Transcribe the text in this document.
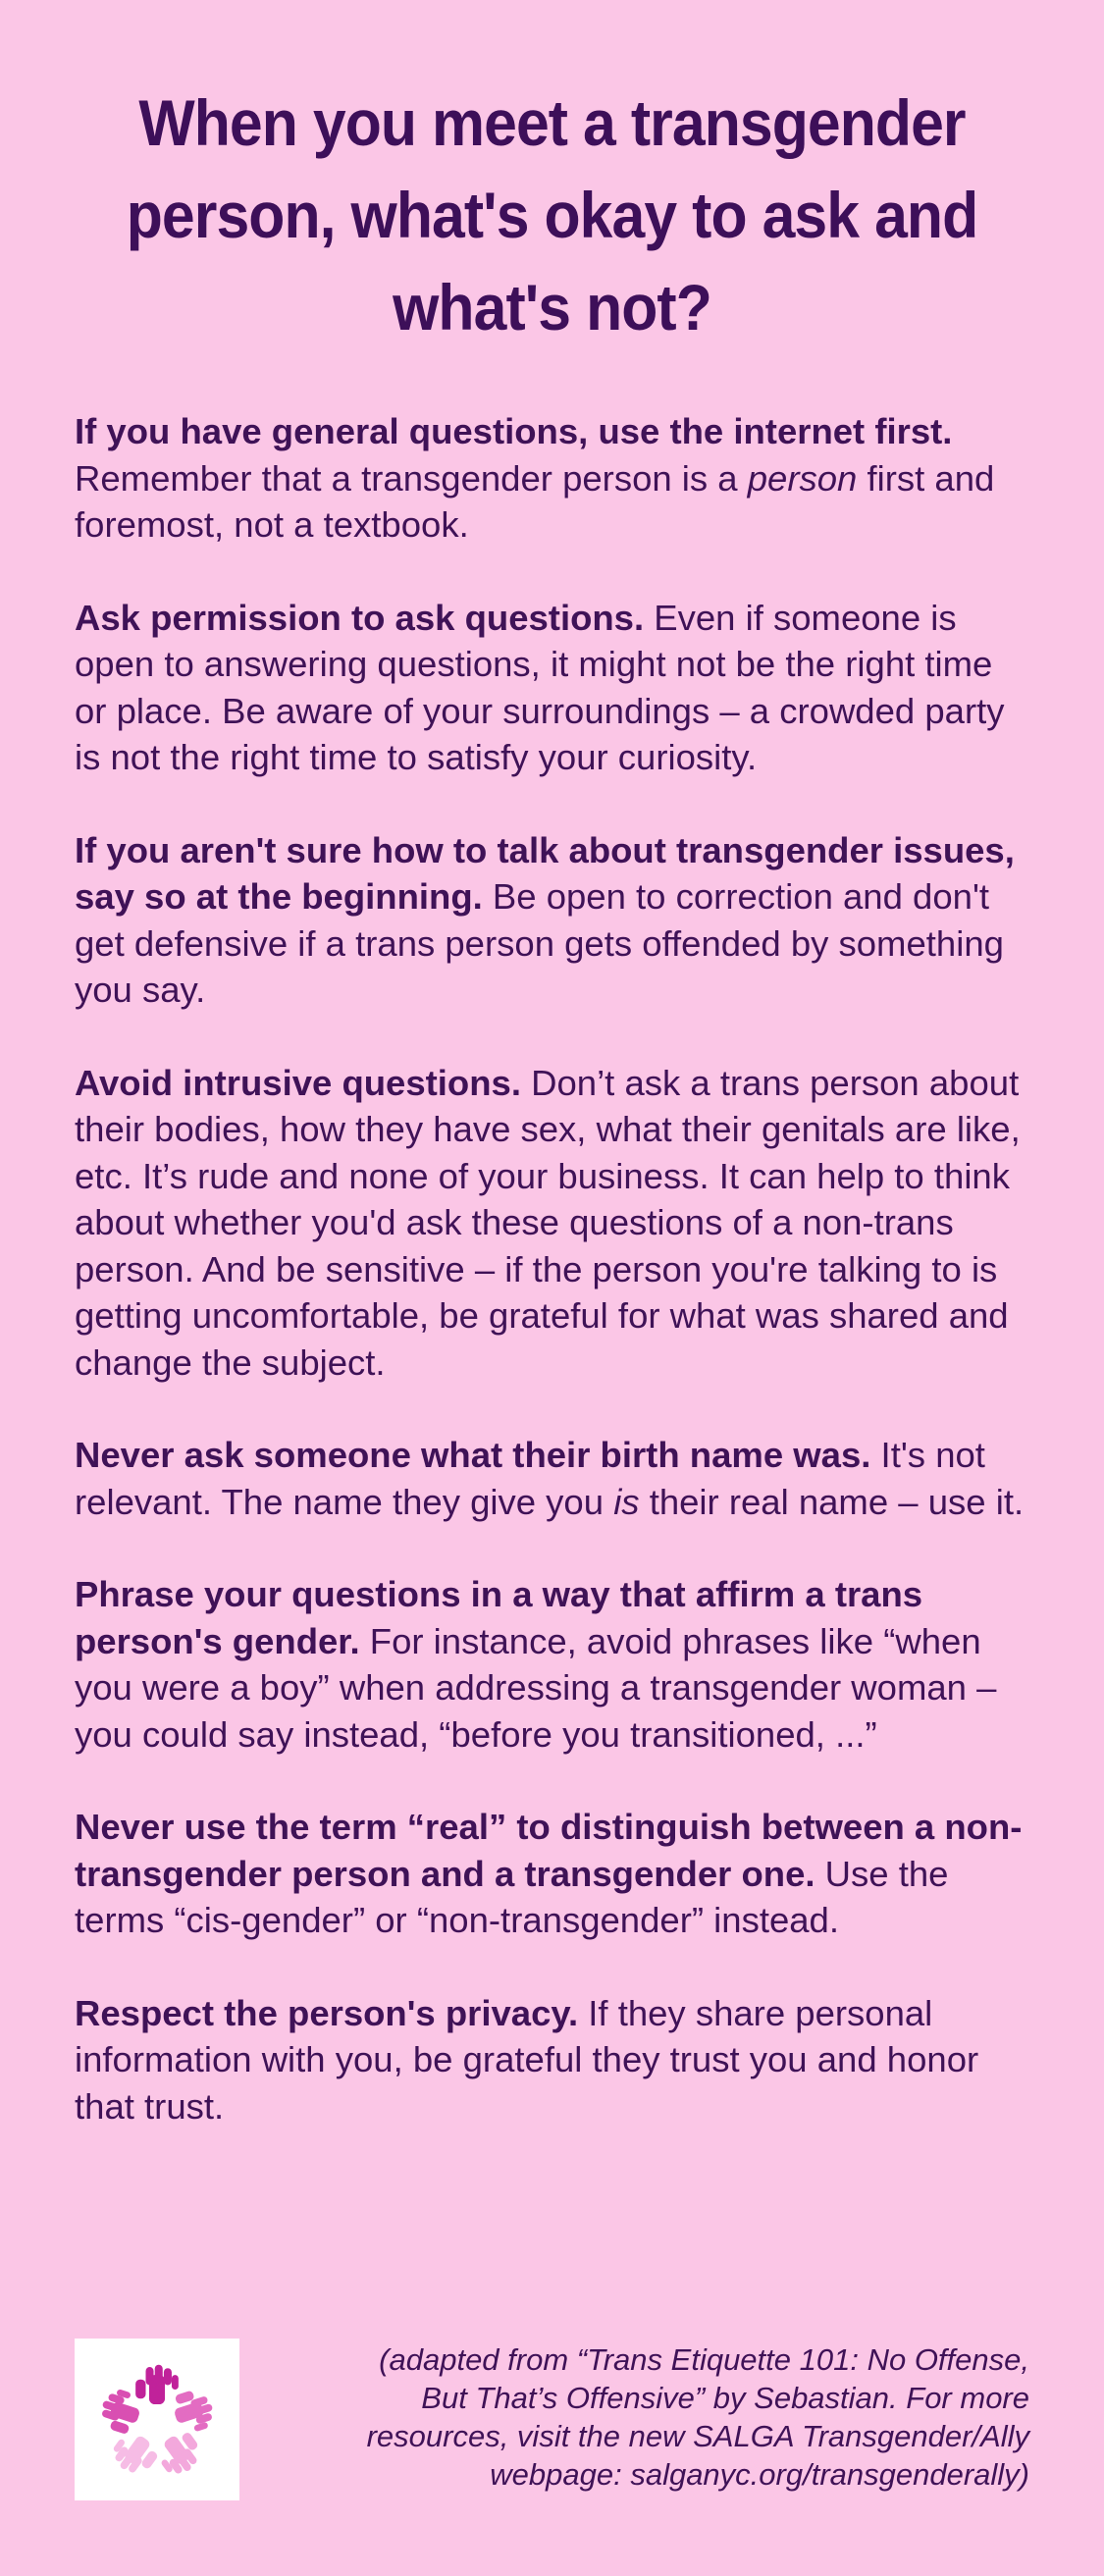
When you meet a transgender person, what's okay to ask and what's not?

If you have general questions, use the internet first. Remember that a transgender person is a person first and foremost, not a textbook.

Ask permission to ask questions. Even if someone is open to answering questions, it might not be the right time or place. Be aware of your surroundings – a crowded party is not the right time to satisfy your curiosity.

If you aren't sure how to talk about transgender issues, say so at the beginning. Be open to correction and don't get defensive if a trans person gets offended by something you say.

Avoid intrusive questions. Don’t ask a trans person about their bodies, how they have sex, what their genitals are like, etc. It’s rude and none of your business. It can help to think about whether you'd ask these questions of a non-trans person. And be sensitive – if the person you're talking to is getting uncomfortable, be grateful for what was shared and change the subject.

Never ask someone what their birth name was. It's not relevant. The name they give you is their real name – use it.

Phrase your questions in a way that affirm a trans person's gender. For instance, avoid phrases like “when you were a boy” when addressing a transgender woman – you could say instead, “before you transitioned, ...”

Never use the term “real” to distinguish between a non-transgender person and a transgender one. Use the terms “cis-gender” or “non-transgender” instead.

Respect the person's privacy. If they share personal information with you, be grateful they trust you and honor that trust.

(adapted from “Trans Etiquette 101: No Offense,
But That’s Offensive” by Sebastian. For more
resources, visit the new SALGA Transgender/Ally
webpage: salganyc.org/transgenderally)
